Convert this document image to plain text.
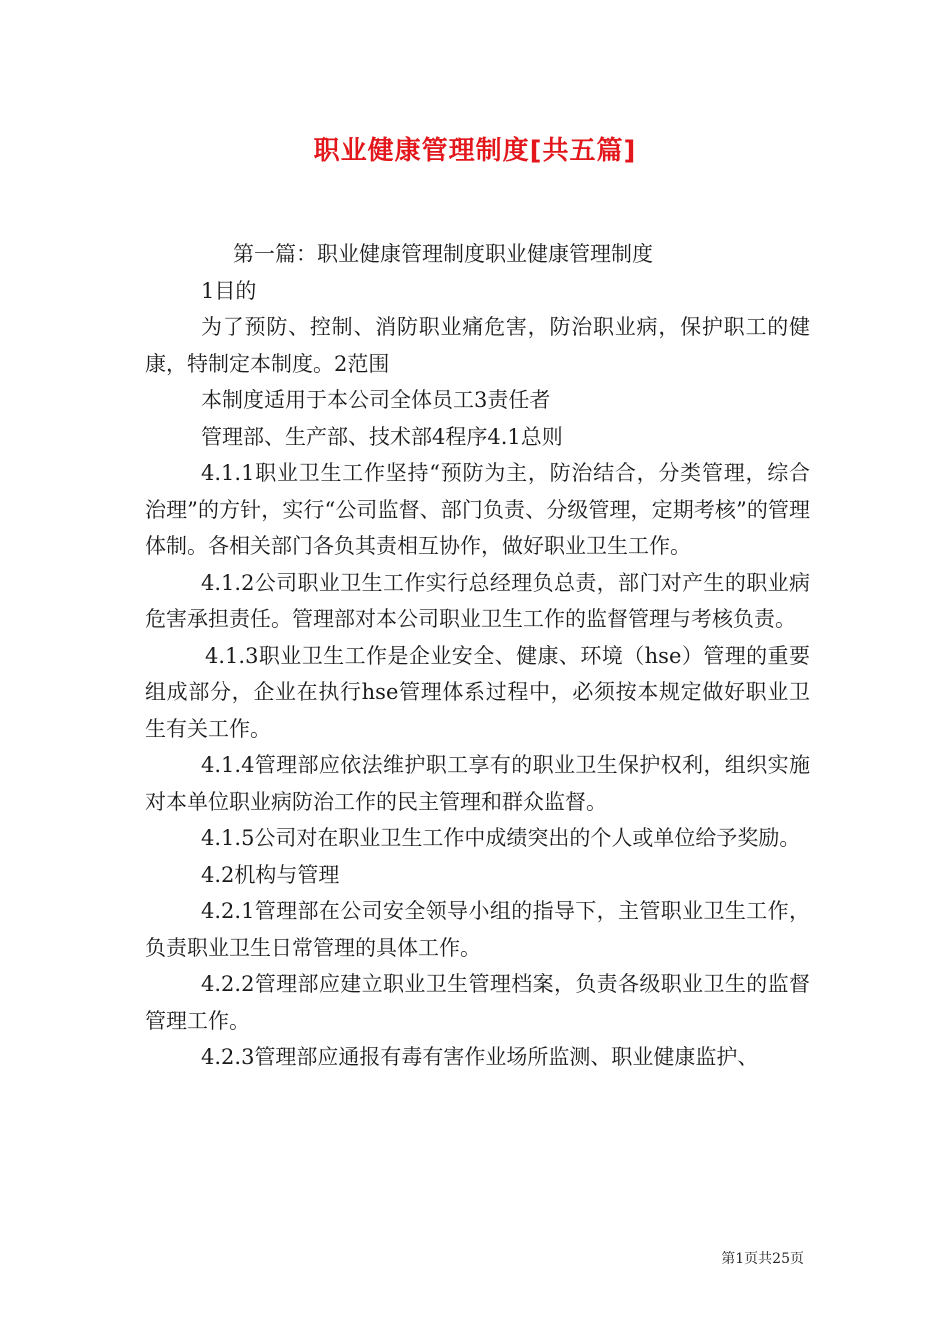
职业健康管理制度[共五篇]

第一篇：职业健康管理制度职业健康管理制度

1目的

为了预防、控制、消防职业痛危害，防治职业病，保护职工的健康，特制定本制度。2范围

本制度适用于本公司全体员工3责任者

管理部、生产部、技术部4程序4.1总则

4.1.1职业卫生工作坚持“预防为主，防治结合，分类管理，综合治理”的方针，实行“公司监督、部门负责、分级管理，定期考核”的管理体制。各相关部门各负其责相互协作，做好职业卫生工作。

4.1.2公司职业卫生工作实行总经理负总责，部门对产生的职业病危害承担责任。管理部对本公司职业卫生工作的监督管理与考核负责。

4.1.3职业卫生工作是企业安全、健康、环境（hse）管理的重要组成部分，企业在执行hse管理体系过程中，必须按本规定做好职业卫生有关工作。

4.1.4管理部应依法维护职工享有的职业卫生保护权利，组织实施对本单位职业病防治工作的民主管理和群众监督。

4.1.5公司对在职业卫生工作中成绩突出的个人或单位给予奖励。

4.2机构与管理

4.2.1管理部在公司安全领导小组的指导下，主管职业卫生工作，负责职业卫生日常管理的具体工作。

4.2.2管理部应建立职业卫生管理档案，负责各级职业卫生的监督管理工作。

4.2.3管理部应通报有毒有害作业场所监测、职业健康监护、

第1页共25页
